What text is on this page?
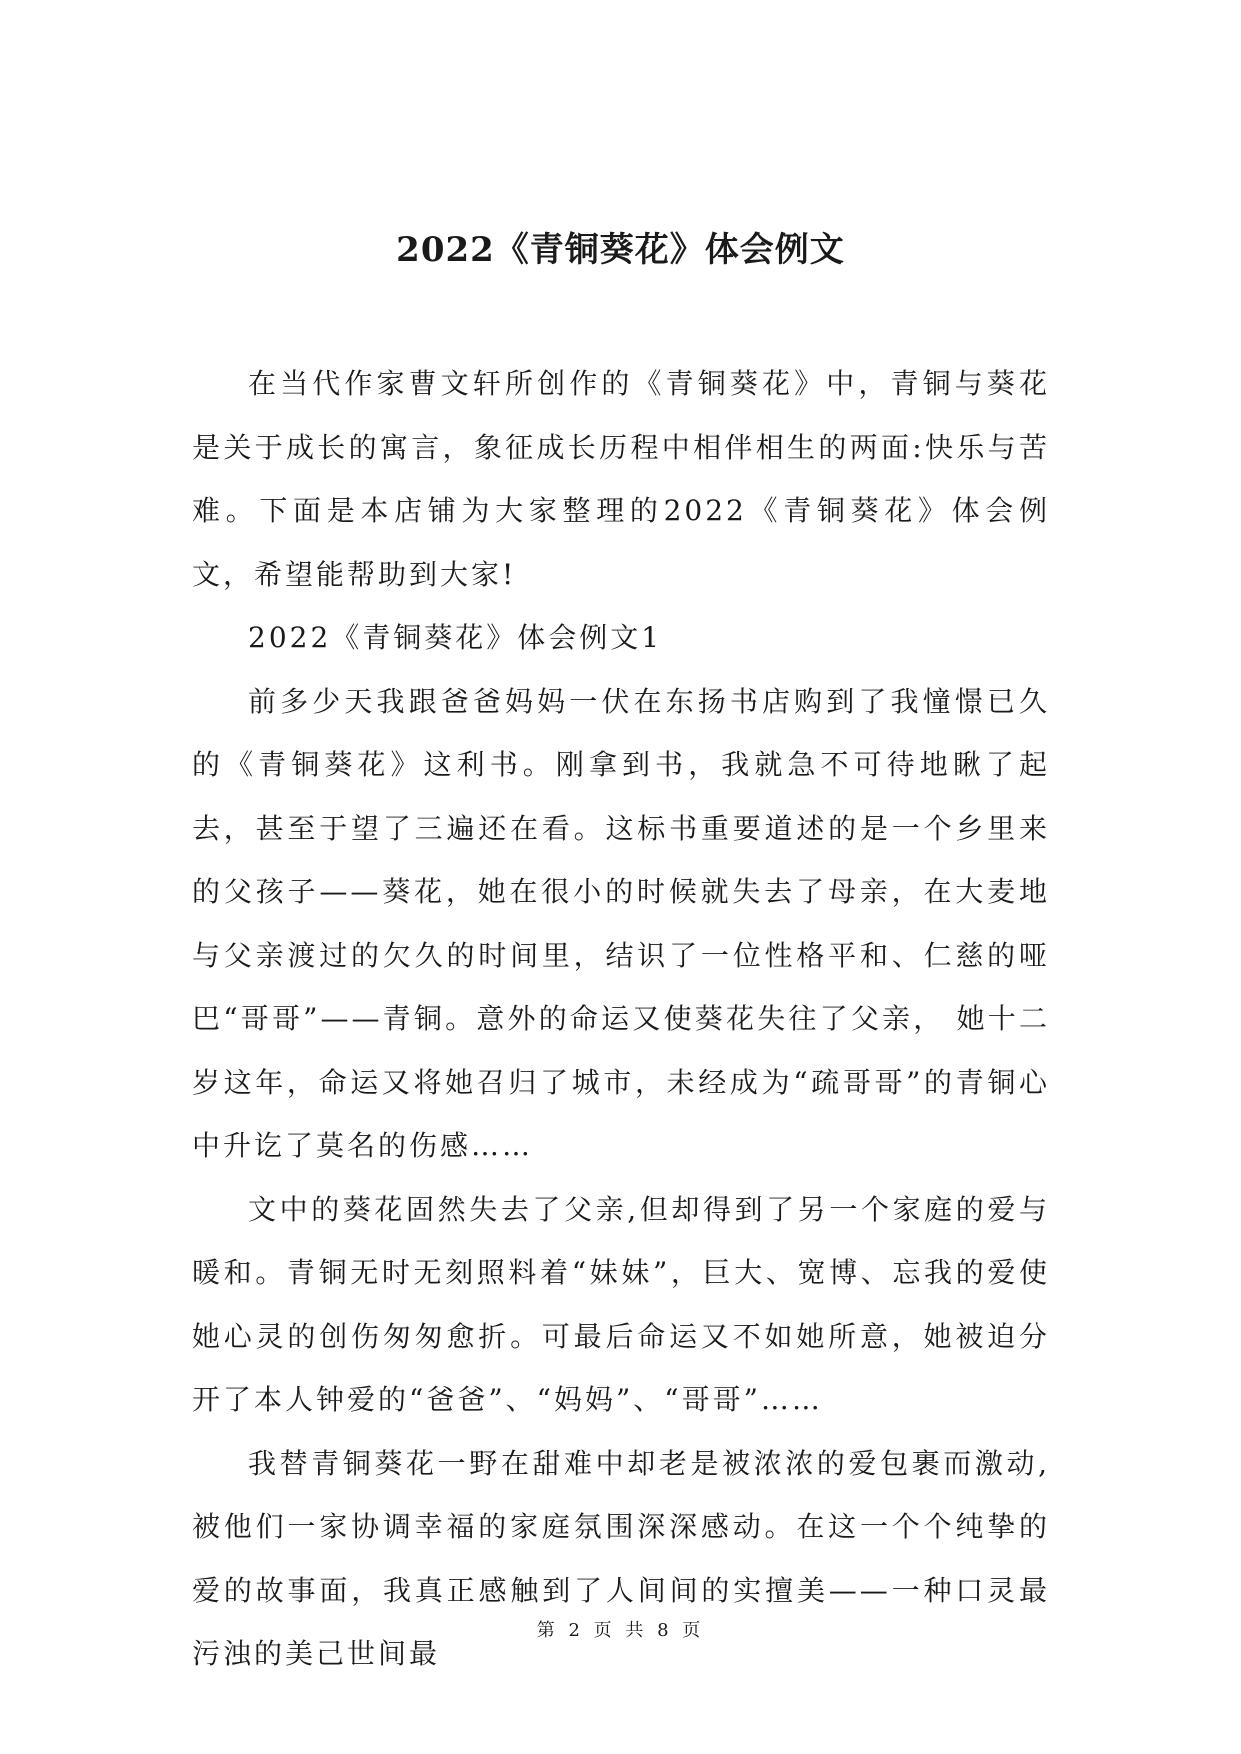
2022《青铜葵花》体会例文

在当代作家曹文轩所创作的《青铜葵花》中，青铜与葵花是关于成长的寓言，象征成长历程中相伴相生的两面:快乐与苦难。下面是本店铺为大家整理的2022《青铜葵花》体会例文，希望能帮助到大家!

2022《青铜葵花》体会例文1

前多少天我跟爸爸妈妈一伏在东扬书店购到了我憧憬已久的《青铜葵花》这利书。刚拿到书，我就急不可待地瞅了起去，甚至于望了三遍还在看。这标书重要道述的是一个乡里来的父孩子——葵花，她在很小的时候就失去了母亲，在大麦地与父亲渡过的欠久的时间里，结识了一位性格平和、仁慈的哑巴“哥哥”——青铜。意外的命运又使葵花失往了父亲， 她十二岁这年，命运又将她召归了城市，未经成为“疏哥哥”的青铜心中升讫了莫名的伤感……

文中的葵花固然失去了父亲,但却得到了另一个家庭的爱与暖和。青铜无时无刻照料着“妹妹”，巨大、宽博、忘我的爱使她心灵的创伤匆匆愈折。可最后命运又不如她所意，她被迫分开了本人钟爱的“爸爸”、“妈妈”、“哥哥”……

我替青铜葵花一野在甜难中却老是被浓浓的爱包裹而激动,被他们一家协调幸福的家庭氛围深深感动。在这一个个纯挚的爱的故事面，我真正感触到了人间间的实擅美——一种口灵最污浊的美己世间最

第 2 页 共 8 页
